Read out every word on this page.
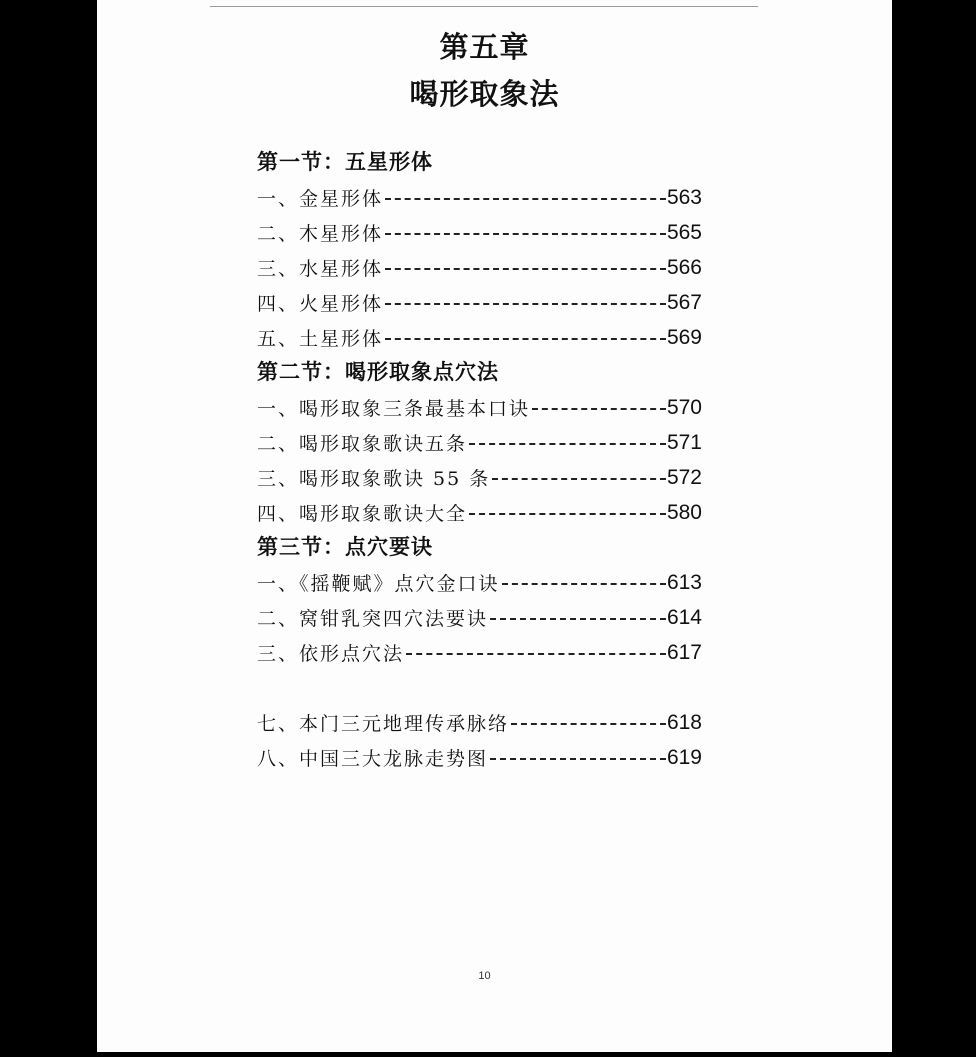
第五章
喝形取象法
第一节：五星形体
一、金星形体	563
二、木星形体	565
三、水星形体	566
四、火星形体	567
五、土星形体	569
第二节：喝形取象点穴法
一、喝形取象三条最基本口诀	570
二、喝形取象歌诀五条	571
三、喝形取象歌诀 55 条	572
四、喝形取象歌诀大全	580
第三节：点穴要诀
一、《摇鞭赋》点穴金口诀	613
二、窝钳乳突四穴法要诀	614
三、依形点穴法	617
七、本门三元地理传承脉络	618
八、中国三大龙脉走势图	619
10
